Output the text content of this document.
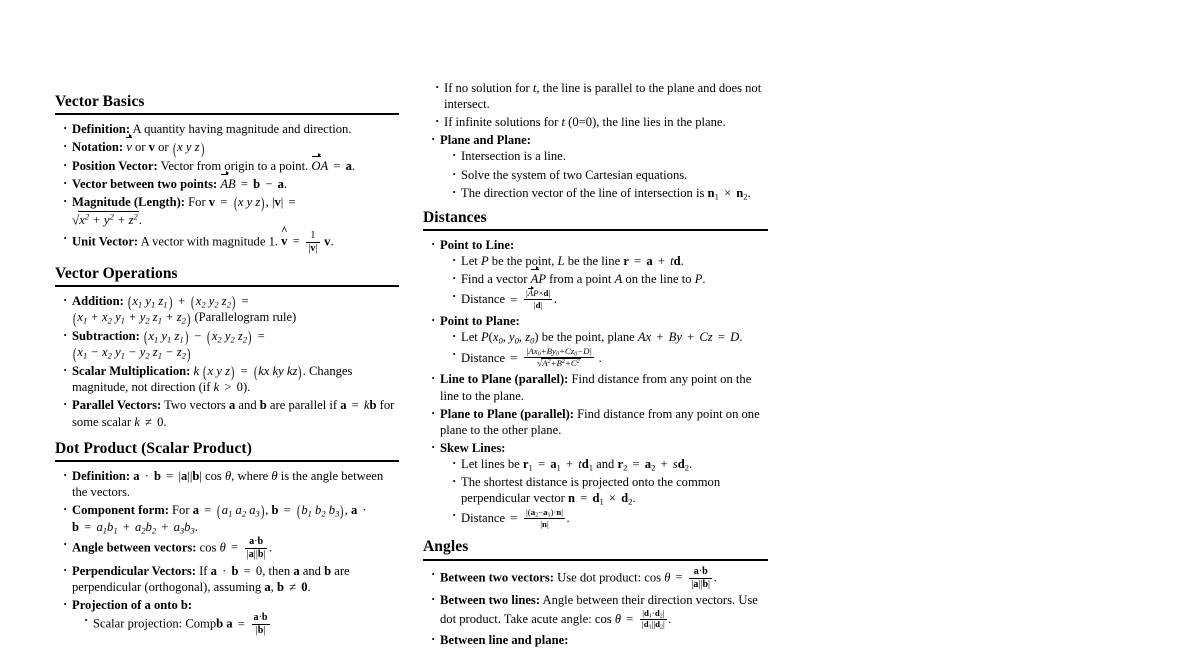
Vector Basics
· Definition: A quantity having magnitude and direction.
· Notation: v or v or (x y z)
· Position Vector: Vector from origin to a point. OA = a.
· Vector between two points: AB = b − a.
· Magnitude (Length): For v = (x y z), |v| =
$√x^2 + y^2 + z^2$.
· Unit Vector: A vector with magnitude 1. v ^ = $\frac{1}{|v|} v$.
Vector Operations
· Addition: ($x_1$ $y_1$ $z_1) + (x_2$ $y_2$ $z_2$) =
($x_1 + x_2$ $y_1 + y_2$ $z_1 + z_2$) (Parallelogram rule)
· Subtraction: ($x_1$ $y_1$ $z_1) - (x_2$ $y_2$ $z_2$) =
($x_1 - x_2$ $y_1 - y_2$ $z_1 - z_2$)
· Scalar Multiplication: k (x y z) = (kx ky kz). Changes magnitude, not direction (if k > 0).
· Parallel Vectors: Two vectors a and b are parallel if a = kb for some scalar k ≠ 0.
Dot Product (Scalar Product)
· Definition: a · b = |a||b| cos θ, where θ is the angle between the vectors.
· Component form: For $a = (a_1$ $a_2$ $a_3$), $b = (b_1$ $b_2$ $b_3$), a ·
$b = a_1b_1 + a_2b_2 + a_3b_3$.
· Angle between vectors: $\cos \theta = \frac{a\cdot b}{|a||b|}$ .
· Perpendicular Vectors: If a · b = 0, then a and b are perpendicular (orthogonal), assuming a, b ≠ 0.
· Projection of a onto b:
· Scalar projection: Compb $a = \frac{a\cdot b}{|b|}$
· If no solution for t, the line is parallel to the plane and does not intersect.
· If infinite solutions for t (0=0), the line lies in the plane.
· Plane and Plane:
· Intersection is a line.
· Solve the system of two Cartesian equations.
· The direction vector of the line of intersection is $n_1 \times n_2$.
Distances
· Point to Line:
· Let P be the point, L be the line r = a + td.
· Find a vector AP from a point A on the line to P.
· Distance = $\frac{|AP\times d|}{|d|}$ .
· Point to Plane:
· Let $P(x_0$, $y_0$, $z_0$) be the point, plane Ax + By + Cz = D.
· Distance = $\frac{|Ax_0+By_0+Cz_0-D|}{√A^2+B^2+C^2}$ .
· Line to Plane (parallel): Find distance from any point on the line to the plane.
· Plane to Plane (parallel): Find distance from any point on one plane to the other plane.
· Skew Lines:
· Let lines be $r_1 = a_1 + td_1$ and $r_2 = a_2 + sd_2$.
· The shortest distance is projected onto the common perpendicular vector $n = d_1 \times d_2$.
· Distance = $\frac{|(a_2-a_1)\cdot n|}{|n|}$ .
Angles
· Between two vectors: Use dot product: $\cos \theta = \frac{a\cdot b}{|a||b|}$ .
· Between two lines: Angle between their direction vectors. Use dot product. Take acute angle: $\cos \theta = \frac{|d_1\cdot d_2|}{|d_1||d_2|}$ .
· Between line and plane:
